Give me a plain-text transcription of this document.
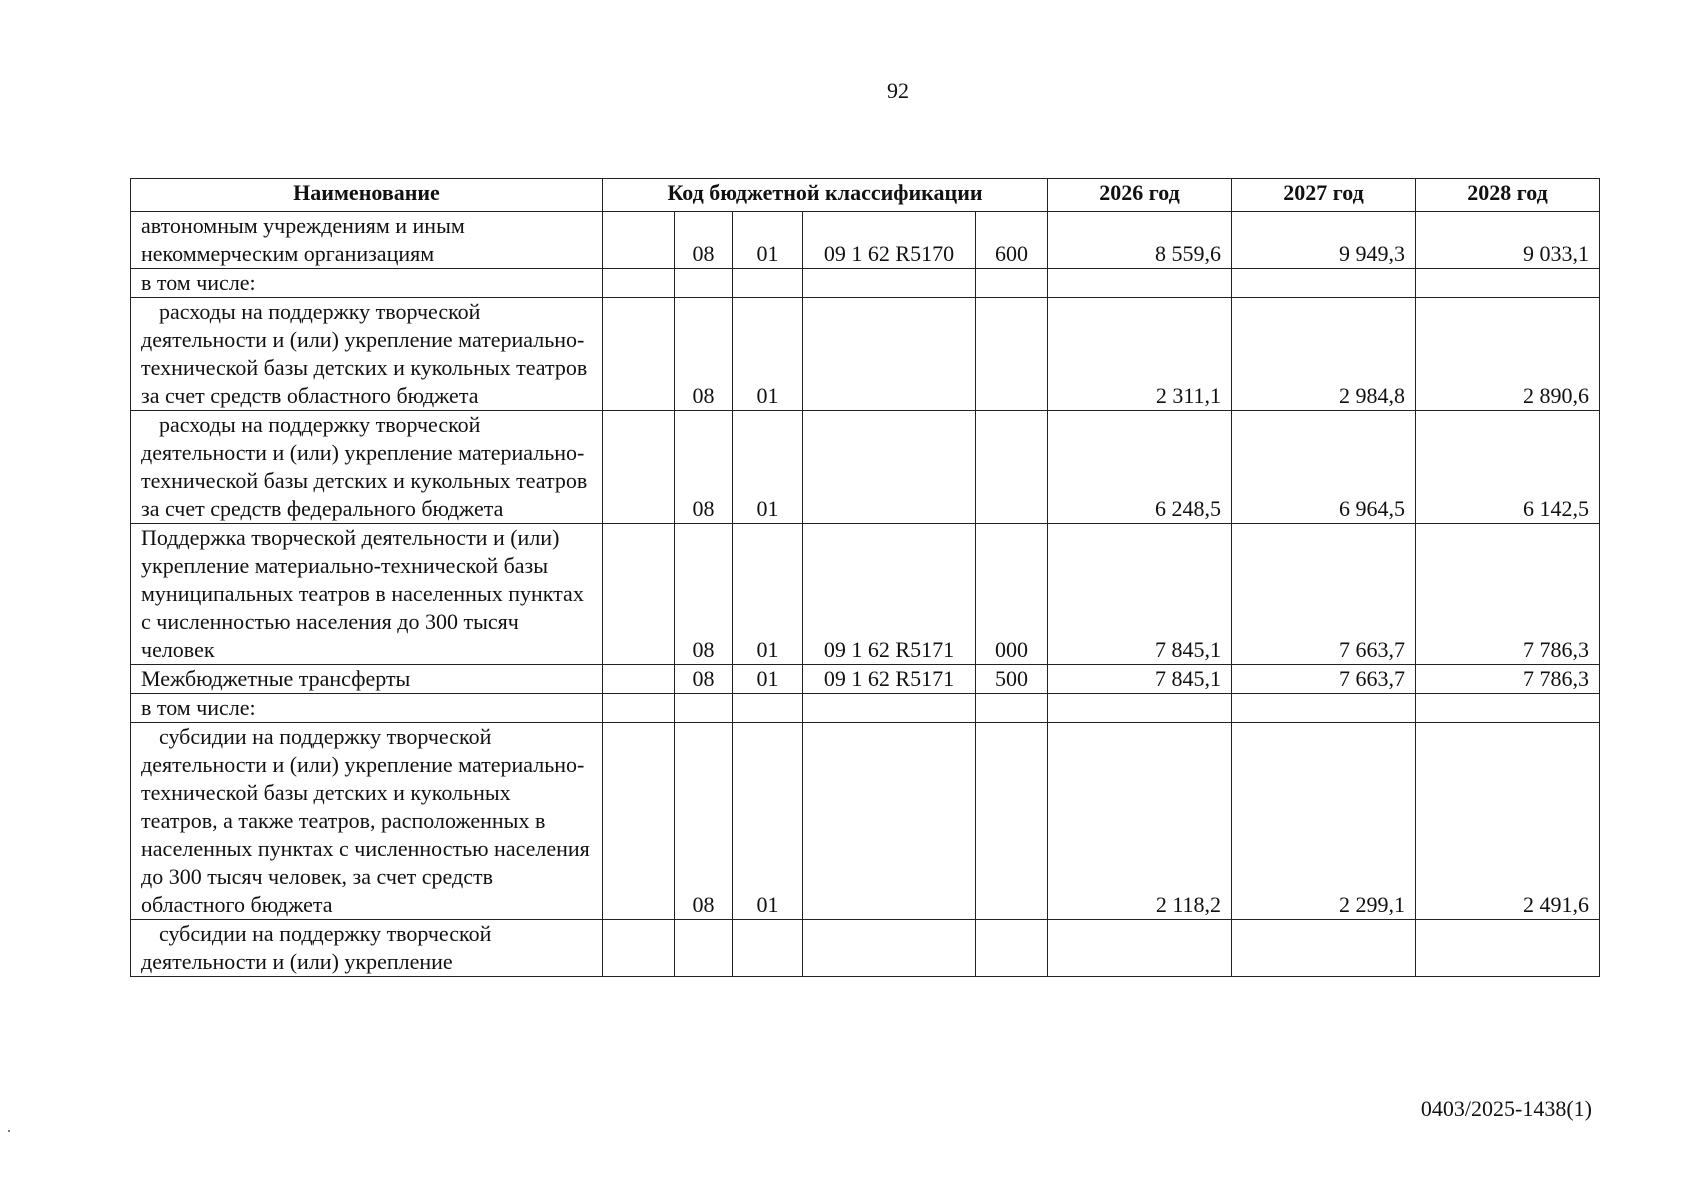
92
Наименование	Код бюджетной классификации					2026 год	2027 год	2028 год
автономным учреждениям и иным некоммерческим организациям		08	01	09 1 62 R5170	600	8 559,6	9 949,3	9 033,1
в том числе:								
расходы на поддержку творческой деятельности и (или) укрепление материально-технической базы детских и кукольных театров за счет средств областного бюджета		08	01			2 311,1	2 984,8	2 890,6
расходы на поддержку творческой деятельности и (или) укрепление материально-технической базы детских и кукольных театров за счет средств федерального бюджета		08	01			6 248,5	6 964,5	6 142,5
Поддержка творческой деятельности и (или) укрепление материально-технической базы муниципальных театров в населенных пунктах с численностью населения до 300 тысяч человек		08	01	09 1 62 R5171	000	7 845,1	7 663,7	7 786,3
Межбюджетные трансферты		08	01	09 1 62 R5171	500	7 845,1	7 663,7	7 786,3
в том числе:								
субсидии на поддержку творческой деятельности и (или) укрепление материально-технической базы детских и кукольных театров, а также театров, расположенных в населенных пунктах с численностью населения до 300 тысяч человек, за счет средств областного бюджета		08	01			2 118,2	2 299,1	2 491,6
субсидии на поддержку творческой деятельности и (или) укрепление								
0403/2025-1438(1)
